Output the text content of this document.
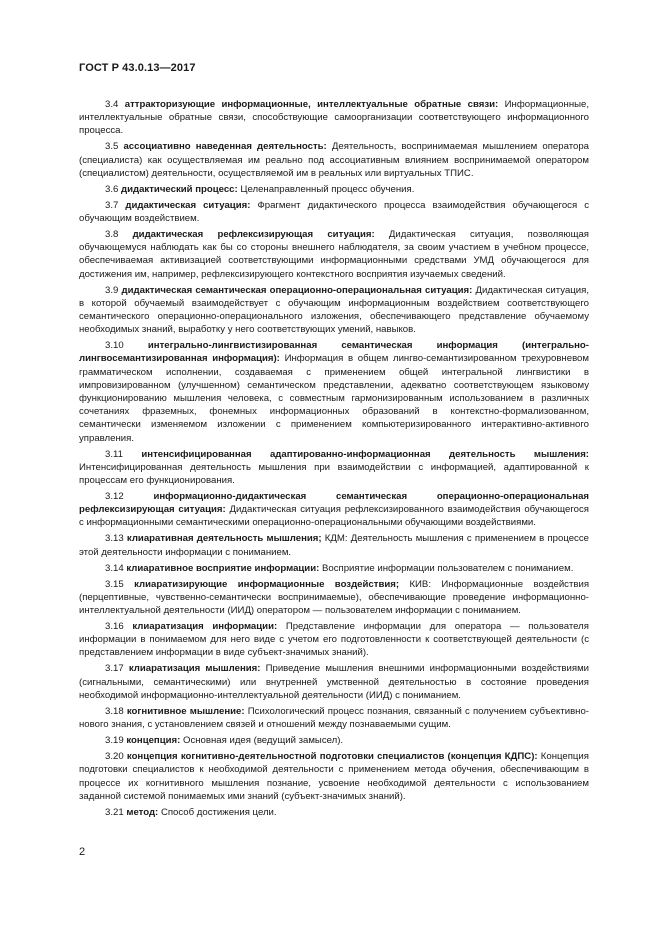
ГОСТ Р 43.0.13—2017

3.4 аттракторизующие информационные, интеллектуальные обратные связи: Информационные, интеллектуальные обратные связи, способствующие самоорганизации соответствующего информационного процесса.

3.5 ассоциативно наведенная деятельность: Деятельность, воспринимаемая мышлением оператора (специалиста) как осуществляемая им реально под ассоциативным влиянием воспринимаемой оператором (специалистом) деятельности, осуществляемой им в реальных или виртуальных ТПИС.

3.6 дидактический процесс: Целенаправленный процесс обучения.

3.7 дидактическая ситуация: Фрагмент дидактического процесса взаимодействия обучающегося с обучающим воздействием.

3.8 дидактическая рефлексизирующая ситуация: Дидактическая ситуация, позволяющая обучающемуся наблюдать как бы со стороны внешнего наблюдателя, за своим участием в учебном процессе, обеспечиваемая активизацией соответствующими информационными средствами УМД обучающегося для достижения им, например, рефлексизирующего контекстного восприятия изучаемых сведений.

3.9 дидактическая семантическая операционно-операциональная ситуация: Дидактическая ситуация, в которой обучаемый взаимодействует с обучающим информационным воздействием соответствующего семантического операционно-операционального изложения, обеспечивающего представление обучаемому необходимых знаний, выработку у него соответствующих умений, навыков.

3.10	интегрально-лингвистизированная семантическая информация (интегрально-лингвосемантизированная информация): Информация в общем лингво-семантизированном трехуровневом грамматическом исполнении, создаваемая с применением общей интегральной лингвистики в импровизированном (улучшенном) семантическом представлении, адекватно соответствующем языковому функционированию мышления человека, с совместным гармонизированным использованием в различных сочетаниях фраземных, фонемных информационных образований в контекстно-формализованном, семантически изменяемом изложении с применением компьютеризированного интерактивно-активного управления.

3.11 интенсифицированная адаптированно-информационная деятельность мышления: Интенсифицированная деятельность мышления при взаимодействии с информацией, адаптированной к процессам его функционирования.

3.12	информационно-дидактическая семантическая операционно-операциональная рефлексизирующая ситуация: Дидактическая ситуация рефлексизированного взаимодействия обучающегося с информационными семантическими операционно-операциональными обучающими воздействиями.

3.13 клиаративная деятельность мышления; КДМ: Деятельность мышления с применением в процессе этой деятельности информации с пониманием.

3.14 клиаративное восприятие информации: Восприятие информации пользователем с пониманием.

3.15 клиаратизирующие информационные воздействия; КИВ: Информационные воздействия (перцептивные, чувственно-семантически воспринимаемые), обеспечивающие проведение информационно-интеллектуальной деятельности (ИИД) оператором — пользователем информации с пониманием.

3.16 клиаратизация информации: Представление информации для оператора — пользователя информации в понимаемом для него виде с учетом его подготовленности к соответствующей деятельности (с представлением информации в виде субъект-значимых знаний).

3.17 клиаратизация мышления: Приведение мышления внешними информационными воздействиями (сигнальными, семантическими) или внутренней умственной деятельностью в состояние проведения необходимой информационно-интеллектуальной деятельности (ИИД) с пониманием.

3.18 когнитивное мышление: Психологический процесс познания, связанный с получением субъективно-нового знания, с установлением связей и отношений между познаваемыми сущим.

3.19 концепция: Основная идея (ведущий замысел).

3.20 концепция когнитивно-деятельностной подготовки специалистов (концепция КДПС): Концепция подготовки специалистов к необходимой деятельности с применением метода обучения, обеспечивающим в процессе их когнитивного мышления познание, усвоение необходимой деятельности с использованием заданной системой понимаемых ими знаний (субъект-значимых знаний).

3.21 метод: Способ достижения цели.

2
